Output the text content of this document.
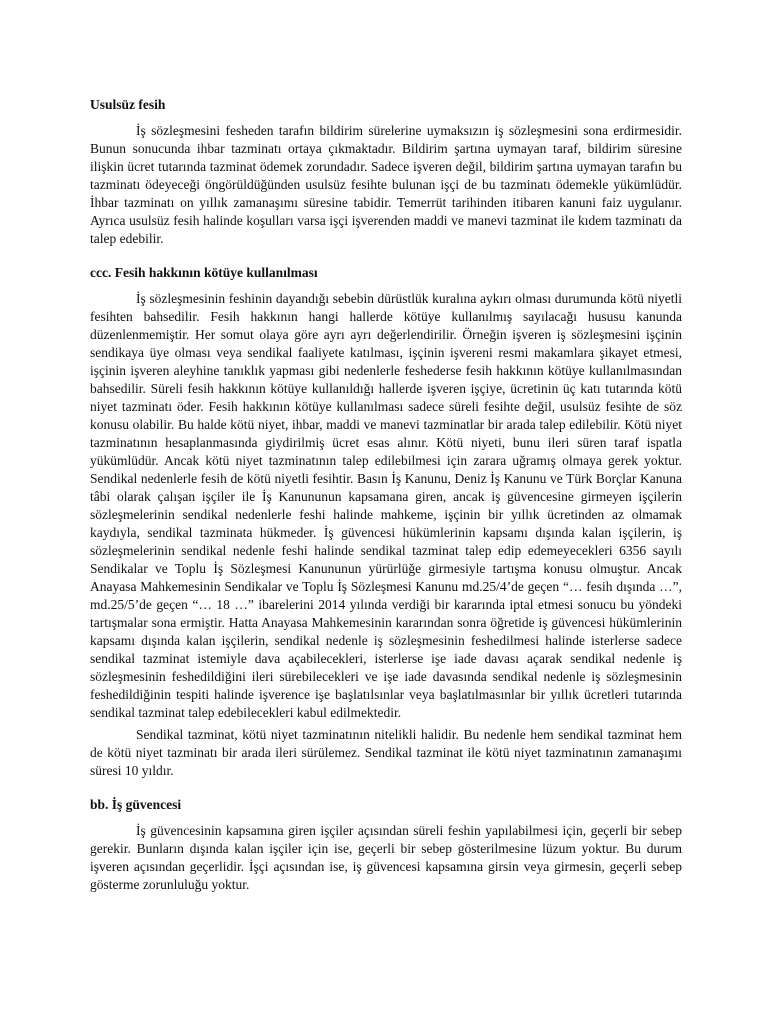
Usulsüz fesih

İş sözleşmesini fesheden tarafın bildirim sürelerine uymaksızın iş sözleşmesini sona erdirmesidir. Bunun sonucunda ihbar tazminatı ortaya çıkmaktadır. Bildirim şartına uymayan taraf, bildirim süresine ilişkin ücret tutarında tazminat ödemek zorundadır. Sadece işveren değil, bildirim şartına uymayan tarafın bu tazminatı ödeyeceği öngörüldüğünden usulsüz fesihte bulunan işçi de bu tazminatı ödemekle yükümlüdür. İhbar tazminatı on yıllık zamanaşımı süresine tabidir. Temerrüt tarihinden itibaren kanuni faiz uygulanır. Ayrıca usulsüz fesih halinde koşulları varsa işçi işverenden maddi ve manevi tazminat ile kıdem tazminatı da talep edebilir.

ccc. Fesih hakkının kötüye kullanılması

İş sözleşmesinin feshinin dayandığı sebebin dürüstlük kuralına aykırı olması durumunda kötü niyetli fesihten bahsedilir. Fesih hakkının hangi hallerde kötüye kullanılmış sayılacağı hususu kanunda düzenlenmemiştir. Her somut olaya göre ayrı ayrı değerlendirilir. Örneğin işveren iş sözleşmesini işçinin sendikaya üye olması veya sendikal faaliyete katılması, işçinin işvereni resmi makamlara şikayet etmesi, işçinin işveren aleyhine tanıklık yapması gibi nedenlerle feshederse fesih hakkının kötüye kullanılmasından bahsedilir. Süreli fesih hakkının kötüye kullanıldığı hallerde işveren işçiye, ücretinin üç katı tutarında kötü niyet tazminatı öder. Fesih hakkının kötüye kullanılması sadece süreli fesihte değil, usulsüz fesihte de söz konusu olabilir. Bu halde kötü niyet, ihbar, maddi ve manevi tazminatlar bir arada talep edilebilir. Kötü niyet tazminatının hesaplanmasında giydirilmiş ücret esas alınır. Kötü niyeti, bunu ileri süren taraf ispatla yükümlüdür. Ancak kötü niyet tazminatının talep edilebilmesi için zarara uğramış olmaya gerek yoktur. Sendikal nedenlerle fesih de kötü niyetli fesihtir. Basın İş Kanunu, Deniz İş Kanunu ve Türk Borçlar Kanuna tâbi olarak çalışan işçiler ile İş Kanununun kapsamana giren, ancak iş güvencesine girmeyen işçilerin sözleşmelerinin sendikal nedenlerle feshi halinde mahkeme, işçinin bir yıllık ücretinden az olmamak kaydıyla, sendikal tazminata hükmeder. İş güvencesi hükümlerinin kapsamı dışında kalan işçilerin, iş sözleşmelerinin sendikal nedenle feshi halinde sendikal tazminat talep edip edemeyecekleri 6356 sayılı Sendikalar ve Toplu İş Sözleşmesi Kanununun yürürlüğe girmesiyle tartışma konusu olmuştur. Ancak Anayasa Mahkemesinin Sendikalar ve Toplu İş Sözleşmesi Kanunu md.25/4’de geçen “… fesih dışında …”, md.25/5’de geçen “… 18 …” ibarelerini 2014 yılında verdiği bir kararında iptal etmesi sonucu bu yöndeki tartışmalar sona ermiştir. Hatta Anayasa Mahkemesinin kararından sonra öğretide iş güvencesi hükümlerinin kapsamı dışında kalan işçilerin, sendikal nedenle iş sözleşmesinin feshedilmesi halinde isterlerse sadece sendikal tazminat istemiyle dava açabilecekleri, isterlerse işe iade davası açarak sendikal nedenle iş sözleşmesinin feshedildiğini ileri sürebilecekleri ve işe iade davasında sendikal nedenle iş sözleşmesinin feshedildiğinin tespiti halinde işverence işe başlatılsınlar veya başlatılmasınlar bir yıllık ücretleri tutarında sendikal tazminat talep edebilecekleri kabul edilmektedir.

Sendikal tazminat, kötü niyet tazminatının nitelikli halidir. Bu nedenle hem sendikal tazminat hem de kötü niyet tazminatı bir arada ileri sürülemez. Sendikal tazminat ile kötü niyet tazminatının zamanaşımı süresi 10 yıldır.

bb. İş güvencesi

İş güvencesinin kapsamına giren işçiler açısından süreli feshin yapılabilmesi için, geçerli bir sebep gerekir. Bunların dışında kalan işçiler için ise, geçerli bir sebep gösterilmesine lüzum yoktur. Bu durum işveren açısından geçerlidir. İşçi açısından ise, iş güvencesi kapsamına girsin veya girmesin, geçerli sebep gösterme zorunluluğu yoktur.
